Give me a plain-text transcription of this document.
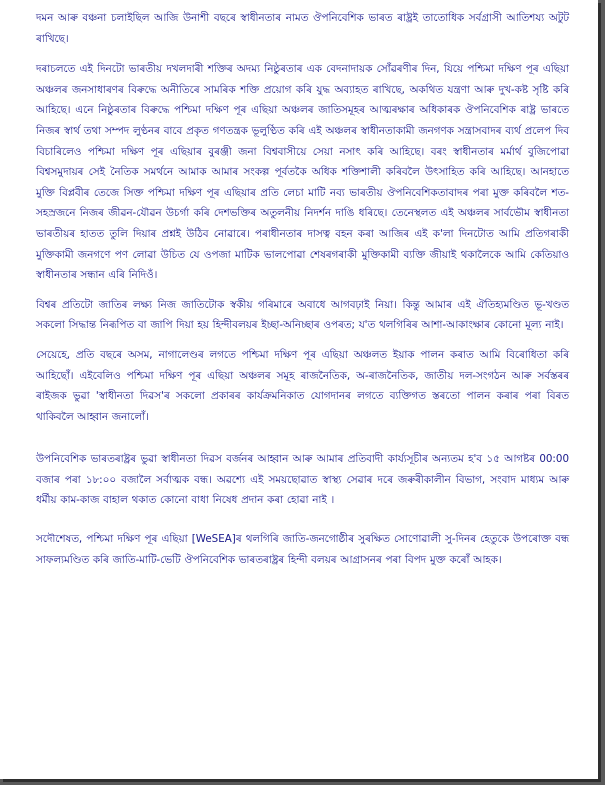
দমন আৰু বঞ্চনা চলাইছিল আজি উনাশী বছৰে স্বাধীনতাৰ নামত ঔপনিবেশিক ভাৰত ৰাষ্ট্ৰই তাতোধিক সৰ্বগ্ৰাসী আতিশয্য অটুট ৰাখিছে।

দৰাচলতে এই দিনটো ভাৰতীয় দখলদাৰী শক্তিৰ অদম্য নিষ্ঠুৰতাৰ এক বেদনাদায়ক সোঁৱৰণীৰ দিন, যিয়ে পশ্চিমা দক্ষিণ পূৰ এছিয়া অঞ্চলৰ জনসাধাৰণৰ বিৰুদ্ধে অনীতিৰে সামৰিক শক্তি প্ৰয়োগ কৰি যুদ্ধ অব্যাহত ৰাখিছে, অকথিত যন্ত্ৰণা আৰু দুখ-কষ্ট সৃষ্টি কৰি আহিছে। এনে নিষ্ঠুৰতাৰ বিৰুদ্ধে পশ্চিমা দক্ষিণ পূৰ এছিয়া অঞ্চলৰ জাতিসমূহৰ আত্মৰক্ষাৰ অধিকাৰক ঔপনিবেশিক ৰাষ্ট্ৰ ভাৰতে নিজৰ স্বাৰ্থ তথা সম্পদ লুণ্ঠনৰ বাবে প্ৰকৃত গণতন্ত্ৰক ভূলুণ্ঠিত কৰি এই অঞ্চলৰ স্বাধীনতাকামী জনগণক সন্ত্ৰাসবাদৰ ব্যৰ্থ প্ৰলেপ দিব বিচাৰিলেও পশ্চিমা দক্ষিণ পূৰ এছিয়াৰ বুৰঞ্জী জনা বিশ্ববাসীয়ে সেয়া নসাৎ কৰি আহিছে। বৰং স্বাধীনতাৰ মৰ্মাৰ্থ বুজিপোৱা বিশ্বসমুদায়ৰ সেই নৈতিক সমৰ্থনে আমাক আমাৰ সংকল্প পূৰ্বতকৈ অধিক শক্তিশালী কৰিবলৈ উৎসাহিত কৰি আহিছে। আনহাতে মুক্তি বিপ্লবীৰ তেজে সিক্ত পশ্চিমা দক্ষিণ পূৰ এছিয়াৰ প্ৰতি লেচা মাটি নব্য ভাৰতীয় ঔপনিবেশিকতাবাদৰ পৰা মুক্ত কৰিবলৈ শত-সহস্ৰজনে নিজৰ জীৱন-যৌৱন উচৰ্গা কৰি দেশভক্তিৰ অতুলনীয় নিদৰ্শন দাঙি ধৰিছে। তেনেস্থলত এই অঞ্চলৰ সাৰ্বভৌম স্বাধীনতা ভাৰতীয়ৰ হাতত তুলি দিয়াৰ প্ৰশ্নই উঠিব নোৱাৰে। পৰাধীনতাৰ দাসত্ব বহন কৰা আজিৰ এই ক'লা দিনটোত আমি প্ৰতিগৰাকী মুক্তিকামী জনগণে পণ লোৱা উচিত যে ওপজা মাটিক ভালপোৱা শেষৰগৰাকী মুক্তিকামী ব্যক্তি জীয়াই থকালৈকে আমি কেতিয়াও স্বাধীনতাৰ সন্ধান এৰি নিদিওঁ।

বিশ্বৰ প্ৰতিটো জাতিৰ লক্ষ্য নিজ জাতিটোক স্বকীয় গৰিমাৰে অবাধে আগবঢ়াই নিয়া। কিন্তু আমাৰ এই ঐতিহ্যমণ্ডিত ভূ-খণ্ডত সকলো সিদ্ধান্ত নিৰূপিত বা জাপি দিয়া হয় হিন্দীবলয়ৰ ইচ্ছা-অনিচ্ছাৰ ওপৰত; য'ত থলগিৰিৰ আশা-আকাংক্ষাৰ কোনো মূল্য নাই।

সেয়েহে, প্ৰতি বছৰে অসম, নাগালেণ্ডৰ লগতে পশ্চিমা দক্ষিণ পূৰ এছিয়া অঞ্চলত ইয়াক পালন কৰাত আমি বিৰোধিতা কৰি আহিছোঁ। এইবেলিও পশ্চিমা দক্ষিণ পূৰ এছিয়া অঞ্চলৰ সমূহ ৰাজনৈতিক, অ-ৰাজনৈতিক, জাতীয় দল-সংগঠন আৰু সৰ্বস্তৰৰ ৰাইজক ভুৱা 'স্বাধীনতা দিৱস'ৰ সকলো প্ৰকাৰৰ কাৰ্যক্ৰমনিকাত যোগদানৰ লগতে ব্যক্তিগত স্তৰতো পালন কৰাৰ পৰা বিৰত থাকিবলৈ আহ্বান জনালোঁ।

উপনিবেশিক ভাৰতৰাষ্ট্ৰৰ ভুৱা স্বাধীনতা দিৱস বৰ্জনৰ আহ্বান আৰু আমাৰ প্ৰতিবাদী কাৰ্য্যসূচীৰ অন্যতম হ'ব ১৫ আগষ্টৰ 00:00 বজাৰ পৰা ১৮:০০ বজালৈ সৰ্বাত্মক বন্ধ। অৱশ্যে এই সময়ছোৱাত স্বাস্থ্য সেৱাৰ দৰে জৰুৰীকালীন বিভাগ, সংবাদ মাধ্যম আৰু ধৰ্মীয় কাম-কাজ বাহাল থকাত কোনো বাধা নিষেধ প্ৰদান কৰা হোৱা নাই ।

সদৌশেষত, পশ্চিমা দক্ষিণ পূৰ এছিয়া [WeSEA]ৰ থলগিৰি জাতি-জনগোষ্ঠীৰ সুৰক্ষিত সোণোৱালী সু-দিনৰ হেতুকে উপৰোক্ত বন্ধ সাফল্যমণ্ডিত কৰি জাতি-মাটি-ভেটি ঔপনিবেশিক ভাৰতৰাষ্ট্ৰৰ হিন্দী বলয়ৰ আগ্ৰাসনৰ পৰা বিপদ মুক্ত কৰোঁ আহক।
